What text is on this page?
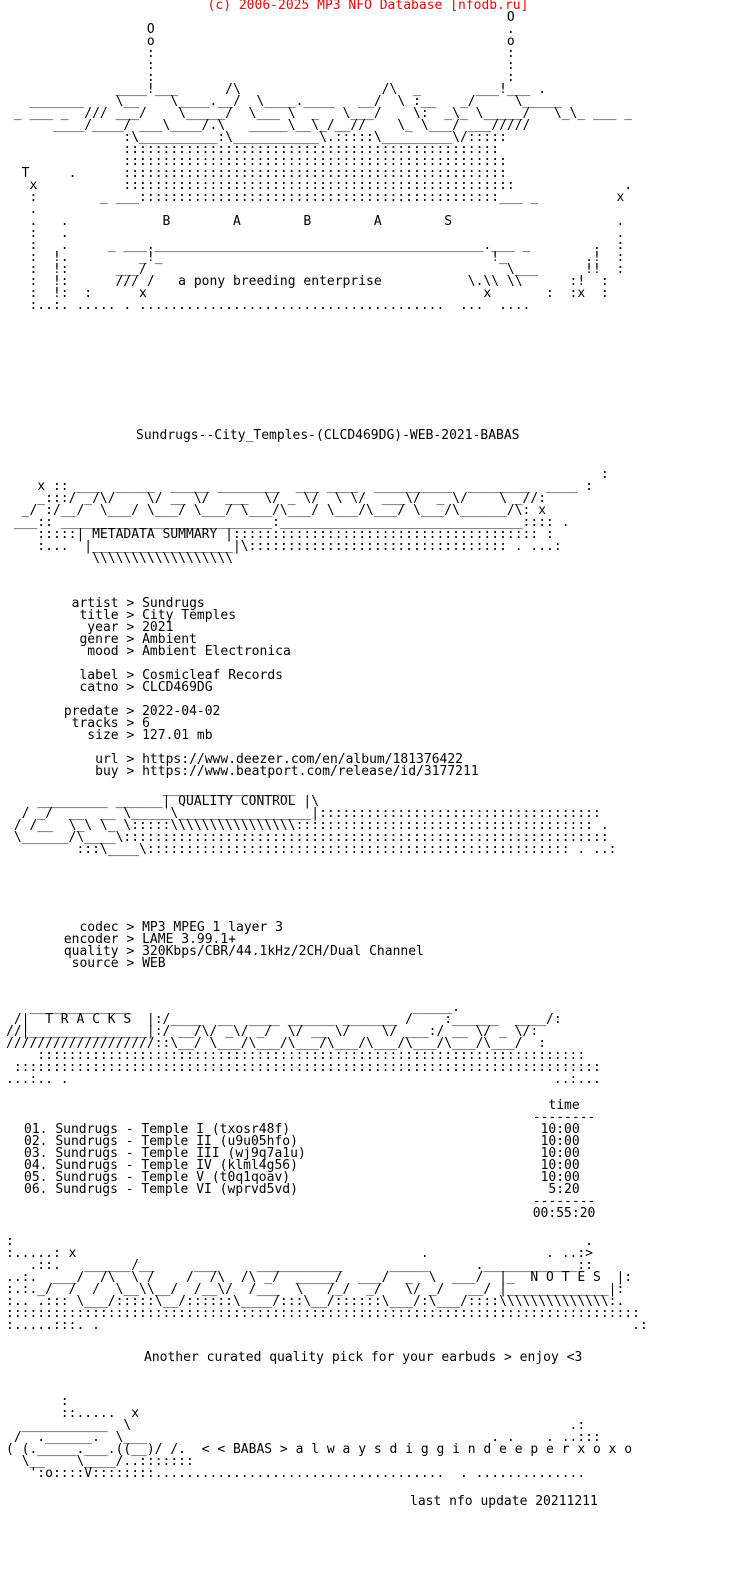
(c) 2006-2025 MP3 NFO Database [nfodb.ru]
O
O                                             .
o                                             o
:                                             :
:                                             :
:                                             :
____!___      /\                  /\  _       ___!___ .
_______    \__    \____.__/  \____.____   __/  \ :__   _/     \_____
_ ___ _  /// ___/    \_____/  \___ \  _   \___/    \:  _\_ \_____/   \_\_ ___ _
____/____/ ___\____/.\   _____\__\_/__//    \_ \___/ ___/////
:\__________:\___________\.:::::\_________\/:::::
::::::::::::::::::::::::::::::::::::::::::::::::
:::::::::::::::::::::::::::::::::::::::::::::::::
T     .      :::::::::::::::::::::::::::::::::::::::::::::::::
x           ::::::::::::::::::::::::::::::::::::::::::::::::::              .
:        _ ___::::::::::::::::::::::::::::::::::::::::::::::___ _          x
.
.   .            B        A        B        A        S                     .
:   .                                                                      .
:   .     _ ___.__________________________________________.___ _        .  :
:  !.         _!_                                          !_          .!  :
:  !:      ___/                                              \___      !!  :
:  !:      /// /   a pony breeding enterprise           \.\\ \\      :!  :
:  !:  :      x                                           x       :  :x  :
:..:. ..... . .......................................  ...  ....
Sundrugs--City_Temples-(CLCD469DG)-WEB-2021-BABAS
:
x :: ___  _____  _____ ________  ___ ____  __________  ________  ____ :
_:::/ _/\/    \/ __ \/  ___  \/ _ \/  \ \/  ___\/  _ \/    \ _//:
_/ :/__/  \___/ \___/ \___/ \___/\___/ \___/\___/ \___/\______/\: x
___:: ___________________________:_______________________________:::: .
:::::| METADATA SUMMARY |::::::::::::::::::::::::::::::::::::::: :
:...  |__________________|\::::::::::::::::::::::::::::::::: . ...:
\\\\\\\\\\\\\\\\\\
artist > Sundrugs
title > City Temples
year > 2021
genre > Ambient
mood > Ambient Electronica

label > Cosmicleaf Records
catno > CLCD469DG

predate > 2022-04-02
tracks > 6
size > 127.01 mb

url > https://www.deezer.com/en/album/181376422
buy > https://www.beatport.com/release/id/3177211
_________________
_________ ______| QUALITY CONTROL |\
/ _/  __  __ \_____\_________________|::::::::::::::::::::::::::::::::::::
/ /__  \_\ \_ \:::::\\\\\\\\\\\\\\\\:::::::::::::::::::::::::::::::::::::: .
\______/\____\::::::::::::::::::::::::::::::::::::::::::::::::::::::::::::::
:::\____\:::::::::::::::::::::::::::::::::::::::::::::::::::::: . ..:
codec > MP3 MPEG 1 layer 3
encoder > LAME 3.99.1+
quality > 320Kbps/CBR/44.1kHz/2CH/Dual Channel
source > WEB
_____________                                    _____.
/|  T R A C K S  |:/____  __  ____ ______ _______ /    :______  ____/:
//|_______________|:/ __/\/ _\/ _/  \/ __ \/    \/ ___:/ __ \/ _ \/:
///////////////////::\__/ \___/\___/\___/\___/\___/\___/\___/\___/  :
::::::::::::::::::::::::::::::::::::::::::::::::::::::::::::::::::::::
:::::::::::::::::::::::::::::::::::::::::::::::::::::::::::::::::::::::::::
...:.. .                                                              ..:...
time
--------
01. Sundrugs - Temple I (txosr48f)                                10:00
02. Sundrugs - Temple II (u9u05hfo)                               10:00
03. Sundrugs - Temple III (wj9q7a1u)                              10:00
04. Sundrugs - Temple IV (klml4g56)                               10:00
05. Sundrugs - Temple V (t0q1qoav)                                10:00
06. Sundrugs - Temple VI (wprvd5vd)                                5:20
--------
00:55:20
:                                                                         .
:.....: x                                            .               . ..:>
.::.   ______/__     ___     ___________      _____      .____________::
..:.  ___/  /\  \ /    /  /\  /\ _/  _____/  ___/  _  \  ___/  |_  N O T E S  |:
:.:._/  /  /  \__\\__/  /__\/  /___  \   /_/  _/   \/ _/   __/ |_____________|:
:.. .::: \___/:::::\__/::::::\____/:::\__/::::::\___/:\___/::::\\\\\\\\\\\\\\:.
:::::::::::::::::::::::::::::::::::::::::::::::::::::::::::::::::::::::::::::::::
:.....:::. .                                                                    .:
Another curated quality pick for your earbuds > enjoy <3
:
::.....  x
___________  \                                                        .:
/  .______.  \___                                            . .    . ..:::
( (._____.___.((__)/ /.  < < BABAS > a l w a y s d i g g i n d e e p e r x o x o
\__    \____/..:::::::
':o::::V::::::::.....................................  . ..............
last nfo update 20211211
